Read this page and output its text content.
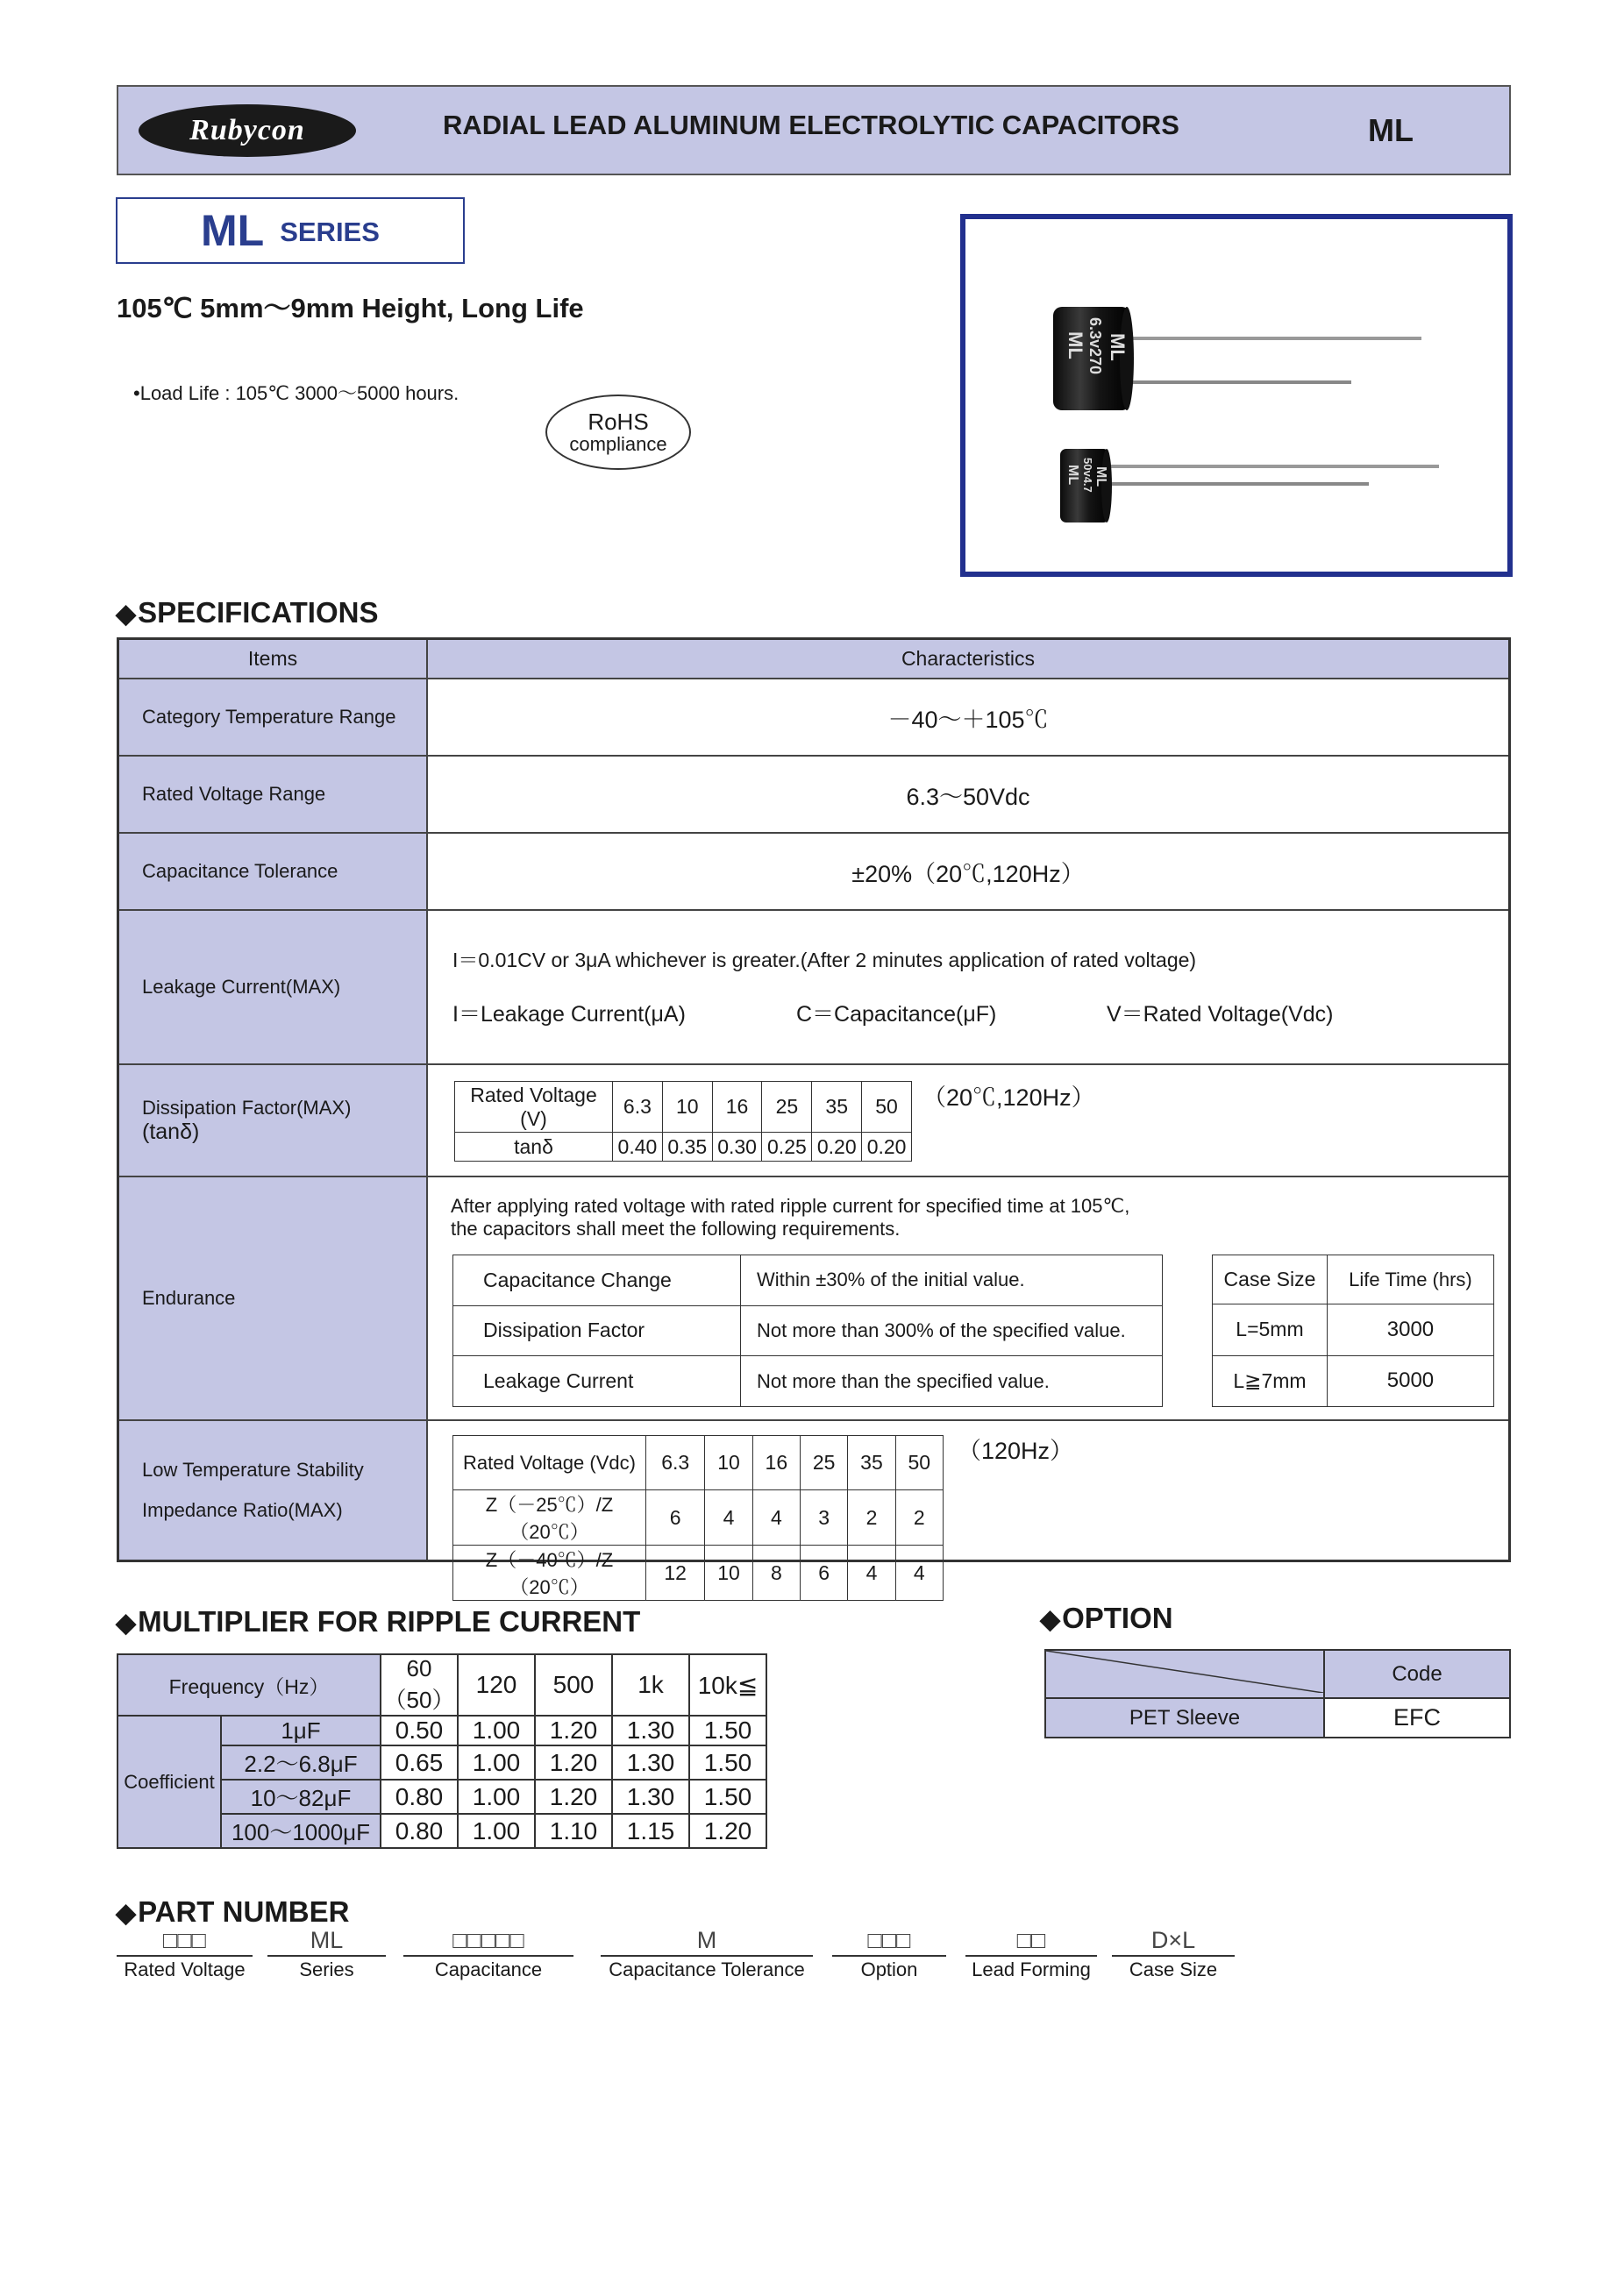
Rubycon	RADIAL LEAD ALUMINUM ELECTROLYTIC CAPACITORS	ML
ML SERIES
105℃ 5mm～9mm Height, Long Life
•Load Life : 105℃ 3000～5000 hours.
RoHS
compliance
ML 6.3v270 ML
ML 50v4.7 ML
◆SPECIFICATIONS
Items	Characteristics
Category Temperature Range	－40～＋105℃
Rated Voltage Range	6.3～50Vdc
Capacitance Tolerance	±20%（20℃,120Hz）
Leakage Current(MAX)
I＝0.01CV or 3μA whichever is greater.(After 2 minutes application of rated voltage)
I＝Leakage Current(μA)	C＝Capacitance(μF)	V＝Rated Voltage(Vdc)
Dissipation Factor(MAX)
(tanδ)
Rated Voltage (V)	6.3	10	16	25	35	50
tanδ	0.40	0.35	0.30	0.25	0.20	0.20
（20℃,120Hz）
Endurance
After applying rated voltage with rated ripple current for specified time at 105℃,
the capacitors shall meet the following requirements.
Capacitance Change	Within ±30% of the initial value.
Dissipation Factor	Not more than 300% of the specified value.
Leakage Current	Not more than the specified value.
Case Size	Life Time (hrs)
L=5mm	3000
L≧7mm	5000
Low Temperature Stability
Impedance Ratio(MAX)
Rated Voltage (Vdc)	6.3	10	16	25	35	50
Z（－25℃）/Z（20℃）	6	4	4	3	2	2
Z（－40℃）/Z（20℃）	12	10	8	6	4	4
（120Hz）
◆MULTIPLIER FOR RIPPLE CURRENT
Frequency（Hz）		60（50）	120	500	1k	10k≦
Coefficient	1μF	0.50	1.00	1.20	1.30	1.50
	2.2～6.8μF	0.65	1.00	1.20	1.30	1.50
	10～82μF	0.80	1.00	1.20	1.30	1.50
	100～1000μF	0.80	1.00	1.10	1.15	1.20
◆OPTION
	Code
PET Sleeve	EFC
◆PART NUMBER
□□□
Rated Voltage
ML
Series
□□□□□
Capacitance
M
Capacitance Tolerance
□□□
Option
□□
Lead Forming
D×L
Case Size
